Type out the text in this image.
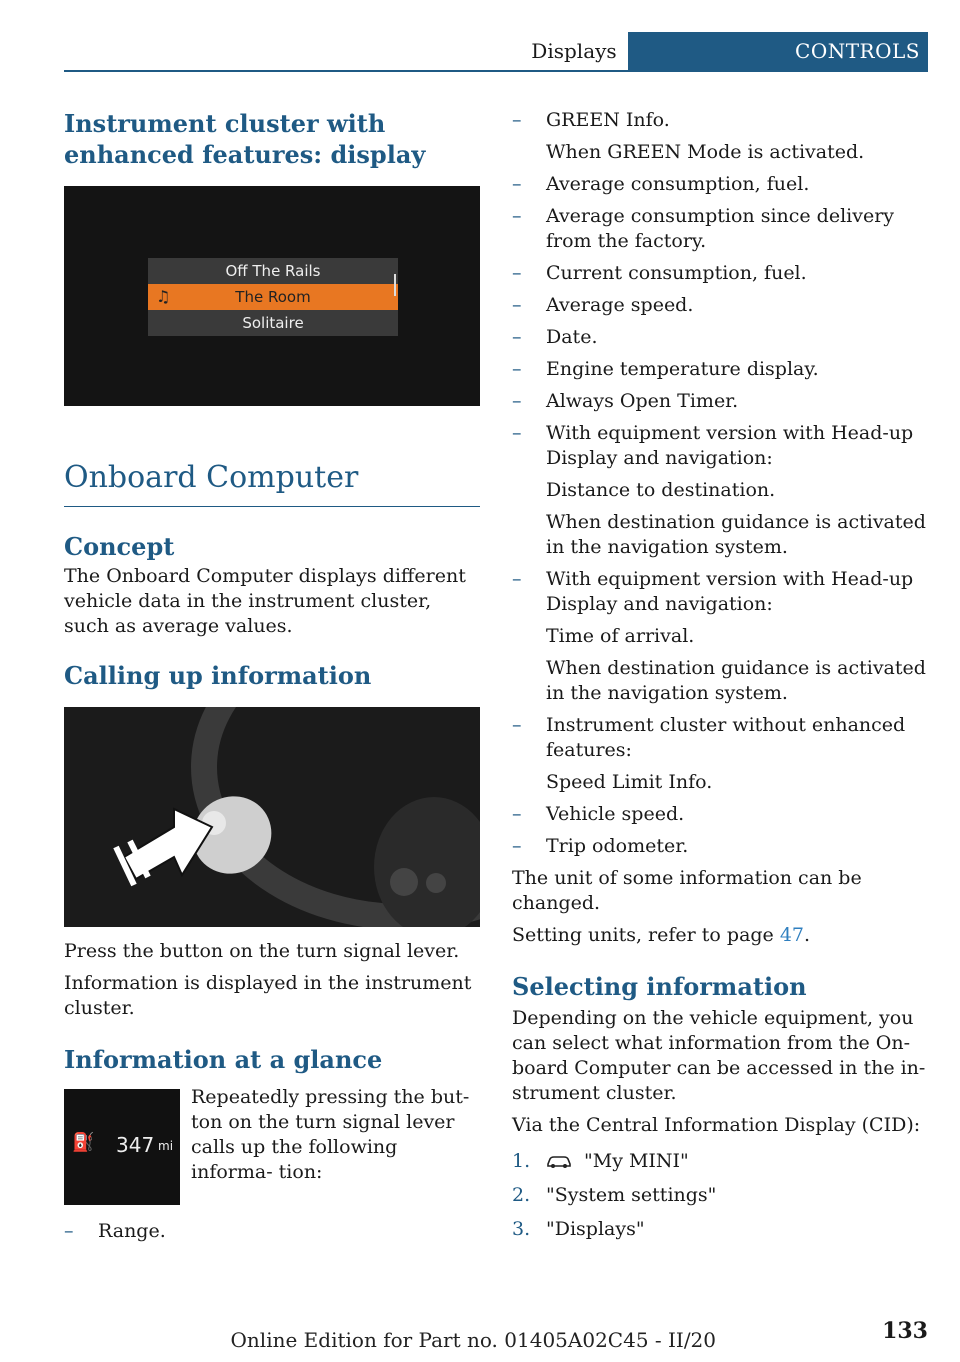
Displays	CONTROLS
Instrument cluster with enhanced features: display
Off The Rails
♫	The Room
Solitaire
Onboard Computer
Concept

The Onboard Computer displays different vehicle data in the instrument cluster, such as average values.

Calling up information

Press the button on the turn signal lever.

Information is displayed in the instrument cluster.

Information at a glance
⛽ 347 mi

Repeatedly pressing the but- ton on the turn signal lever calls up the following informa- tion:

– Range.
– GREEN Info.
When GREEN Mode is activated.
– Average consumption, fuel.
– Average consumption since delivery from the factory.
– Current consumption, fuel.
– Average speed.
– Date.
– Engine temperature display.
– Always Open Timer.
– With equipment version with Head-up Display and navigation:
Distance to destination.
When destination guidance is activated in the navigation system.
– With equipment version with Head-up Display and navigation:
Time of arrival.
When destination guidance is activated in the navigation system.
– Instrument cluster without enhanced features:
Speed Limit Info.
– Vehicle speed.
– Trip odometer.

The unit of some information can be changed.

Setting units, refer to page 47.

Selecting information

Depending on the vehicle equipment, you can select what information from the On- board Computer can be accessed in the in- strument cluster.

Via the Central Information Display (CID):

1.	"My MINI"
2. "System settings"
3. "Displays"
Online Edition for Part no. 01405A02C45 - II/20	133
